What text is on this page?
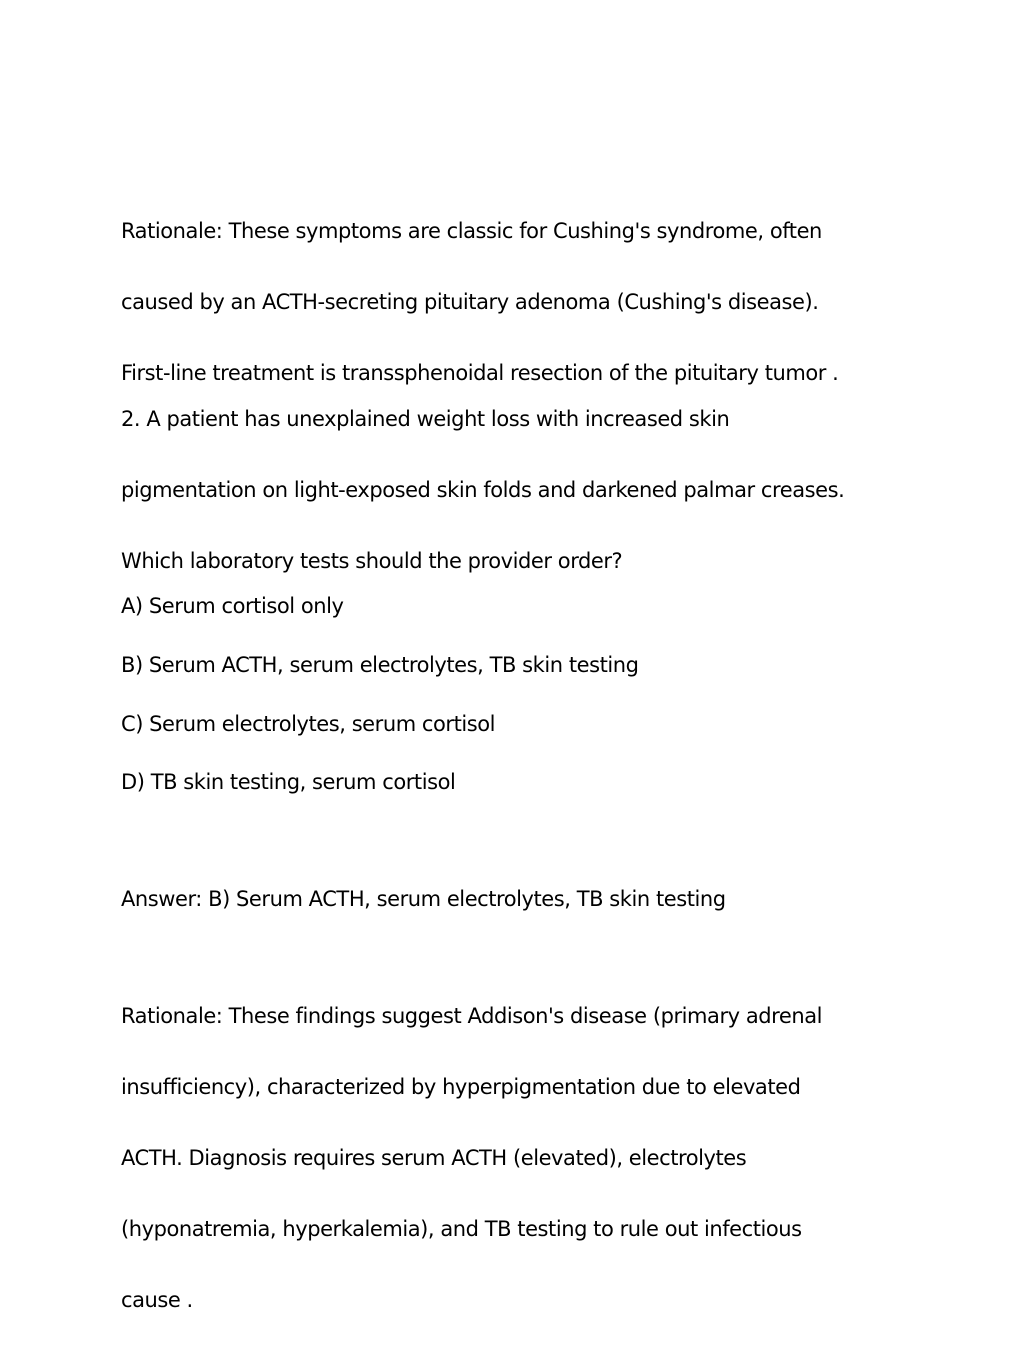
Rationale: These symptoms are classic for Cushing's syndrome, often

caused by an ACTH-secreting pituitary adenoma (Cushing's disease).

First-line treatment is transsphenoidal resection of the pituitary tumor .

2. A patient has unexplained weight loss with increased skin

pigmentation on light-exposed skin folds and darkened palmar creases.

Which laboratory tests should the provider order?

A) Serum cortisol only

B) Serum ACTH, serum electrolytes, TB skin testing

C) Serum electrolytes, serum cortisol

D) TB skin testing, serum cortisol

Answer: B) Serum ACTH, serum electrolytes, TB skin testing

Rationale: These findings suggest Addison's disease (primary adrenal

insufficiency), characterized by hyperpigmentation due to elevated

ACTH. Diagnosis requires serum ACTH (elevated), electrolytes

(hyponatremia, hyperkalemia), and TB testing to rule out infectious

cause .
